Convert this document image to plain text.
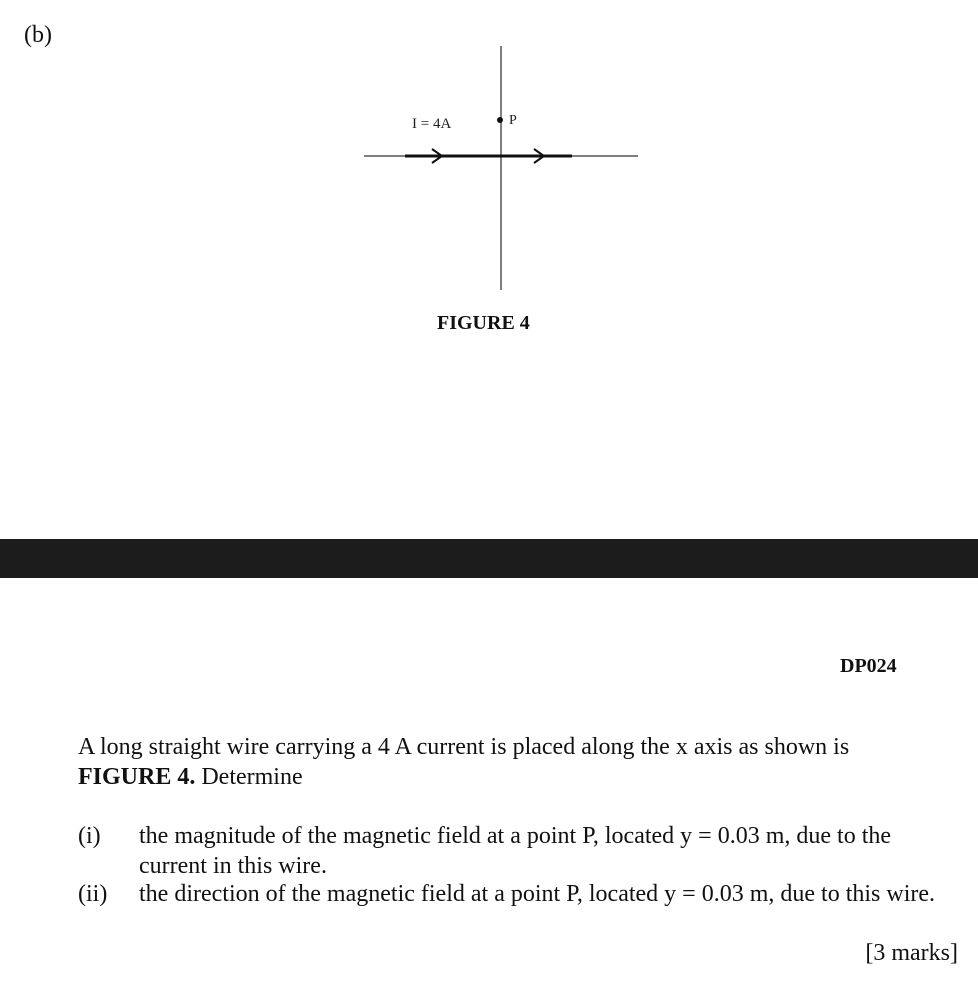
(b)
P
I = 4A
FIGURE 4
DP024
A long straight wire carrying a 4 A current is placed along the x axis as shown is
FIGURE 4. Determine
(i) the magnitude of the magnetic field at a point P, located y = 0.03 m, due to the current in this wire.
(ii) the direction of the magnetic field at a point P, located y = 0.03 m, due to this wire.
[3 marks]
